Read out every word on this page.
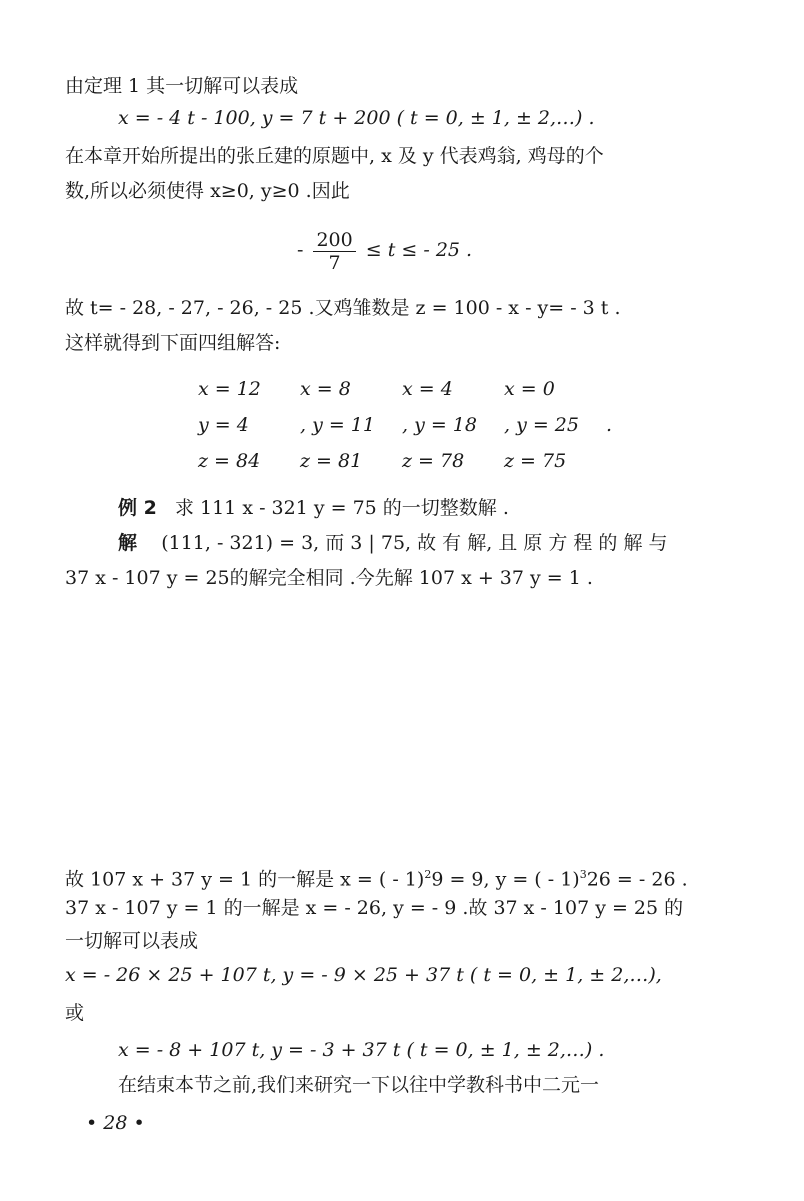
由定理 1 其一切解可以表成
x = - 4 t - 100, y = 7 t + 200 ( t = 0, ± 1, ± 2,…) .
在本章开始所提出的张丘建的原题中, x 及 y 代表鸡翁, 鸡母的个
数,所以必须使得 x≥0, y≥0 .因此
- $\frac{200}{7} \le t$ ≤ - 25 .
故 t= - 28, - 27, - 26, - 25 .又鸡雏数是 z = 100 - x - y= - 3 t .
这样就得到下面四组解答:
x = 12	x = 8	x = 4	x = 0	
y = 4	, y = 11	, y = 18	, y = 25	.
z = 84	z = 81	z = 78	z = 75	
例 2 求 111 x - 321 y = 75 的一切整数解 .
解 (111, - 321) = 3, 而 3 | 75, 故 有 解, 且 原 方 程 的 解 与
37 x - 107 y = 25的解完全相同 .今先解 107 x + 37 y = 1 .
故 107 x + 37 y = 1 的一解是 x = ( - 1)$^2$9 = 9, y = ( - 1)$^3$26 = - 26 .
37 x - 107 y = 1 的一解是 x = - 26, y = - 9 .故 37 x - 107 y = 25 的
一切解可以表成
x = - 26 × 25 + 107 t, y = - 9 × 25 + 37 t ( t = 0, ± 1, ± 2,…),
或
x = - 8 + 107 t, y = - 3 + 37 t ( t = 0, ± 1, ± 2,…) .
在结束本节之前,我们来研究一下以往中学教科书中二元一
• 28 •
